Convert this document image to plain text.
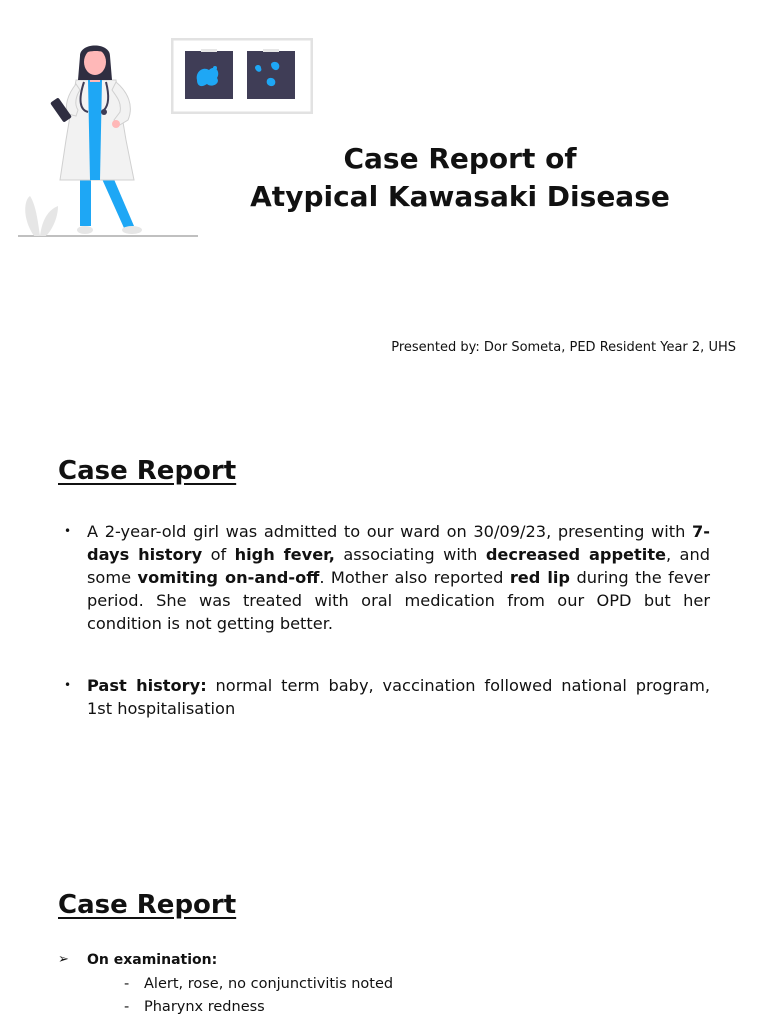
Case Report of
Atypical Kawasaki Disease
Presented by: Dor Someta, PED Resident Year 2, UHS
Case Report
• A 2-year-old girl was admitted to our ward on 30/09/23, presenting with 7-days history of high fever, associating with decreased appetite, and some vomiting on-and-off. Mother also reported red lip during the fever period. She was treated with oral medication from our OPD but her condition is not getting better.
• Past history: normal term baby, vaccination followed national program, 1st hospitalisation
Case Report
➢	On examination:
- Alert, rose, no conjunctivitis noted
- Pharynx redness
